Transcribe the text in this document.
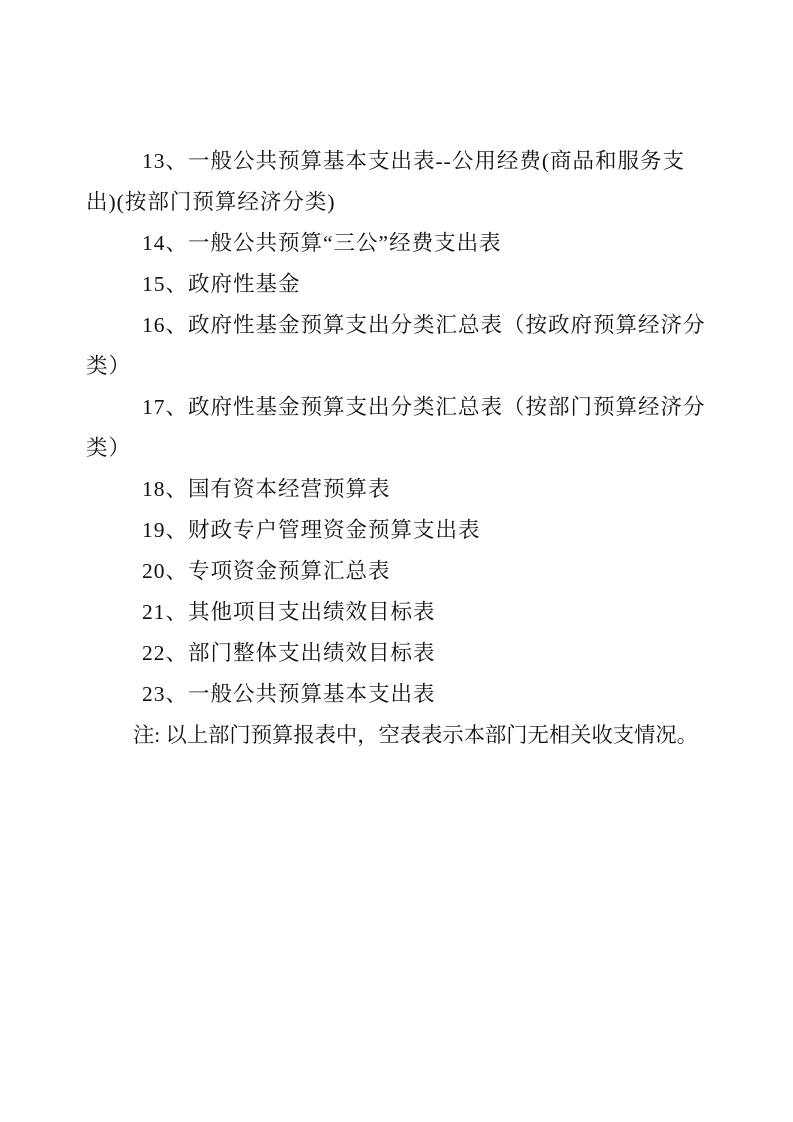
13、一般公共预算基本支出表--公用经费(商品和服务支出)(按部门预算经济分类)

14、一般公共预算“三公”经费支出表

15、政府性基金

16、政府性基金预算支出分类汇总表（按政府预算经济分类）

17、政府性基金预算支出分类汇总表（按部门预算经济分类）

18、国有资本经营预算表

19、财政专户管理资金预算支出表

20、专项资金预算汇总表

21、其他项目支出绩效目标表

22、部门整体支出绩效目标表

23、一般公共预算基本支出表

注: 以上部门预算报表中，空表表示本部门无相关收支情况。
